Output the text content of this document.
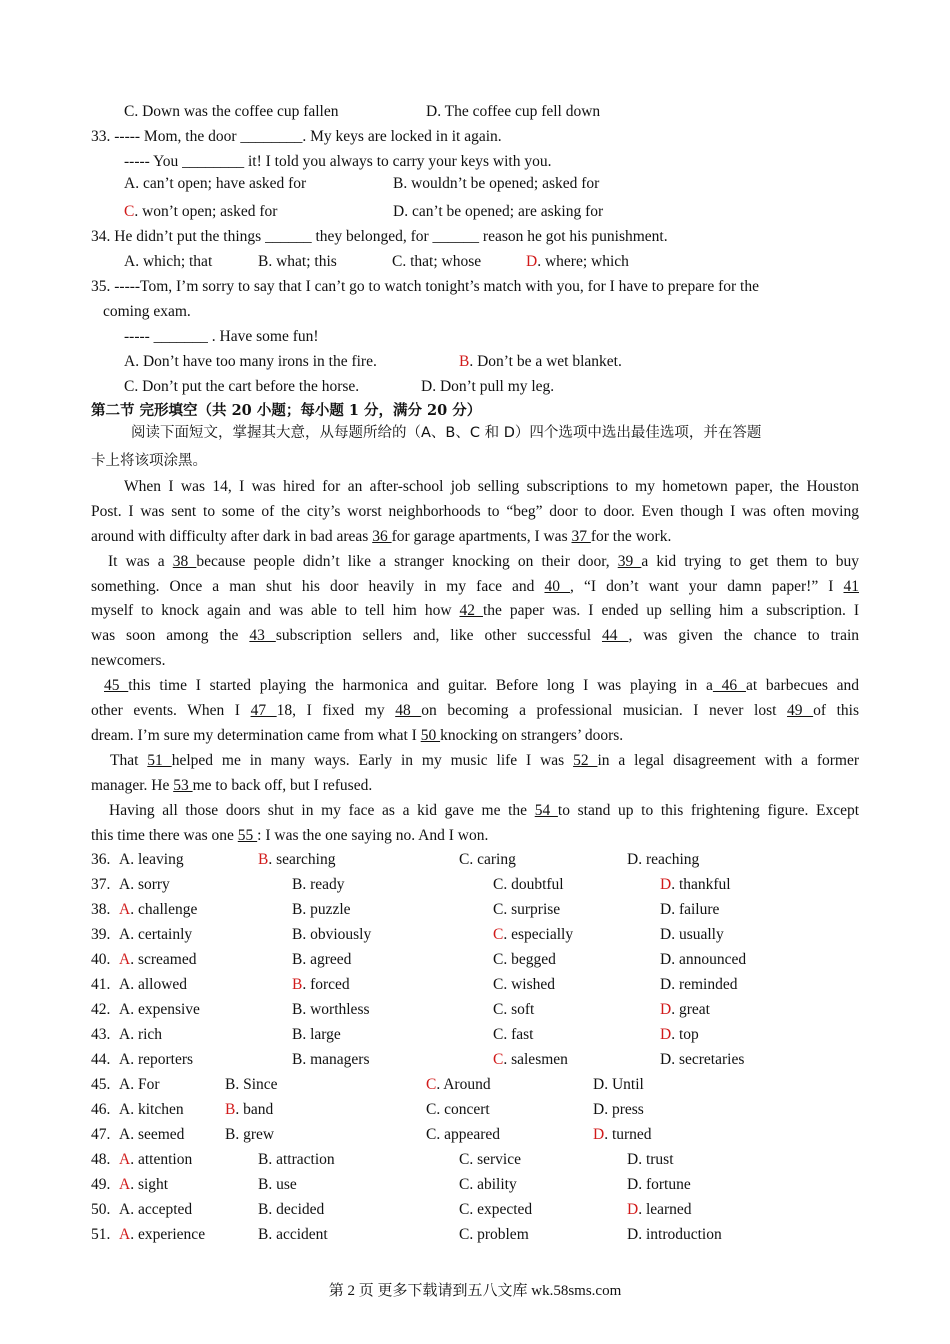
C. Down was the coffee cup fallen	D. The coffee cup fell down
33. ----- Mom, the door ________. My keys are locked in it again.
----- You ________ it! I told you always to carry your keys with you.
A. can’t open; have asked for	B. wouldn’t be opened; asked for
C. won’t open; asked for	D. can’t be opened; are asking for
34. He didn’t put the things ______ they belonged, for ______ reason he got his punishment.
A. which; that	B. what; this	C. that; whose	D. where; which
35. -----Tom, I’m sorry to say that I can’t go to watch tonight’s match with you, for I have to prepare for the
coming exam.
----- _______ . Have some fun!
A. Don’t have too many irons in the fire.	B. Don’t be a wet blanket.
C. Don’t put the cart before the horse.	D. Don’t pull my leg.
第二节 完形填空（共 20 小题；每小题 1 分，满分 20 分）
阅读下面短文，掌握其大意，从每题所给的（A、B、C 和 D）四个选项中选出最佳选项，并在答题
卡上将该项涂黑。
When I was 14, I was hired for an after-school job selling subscriptions to my hometown paper, the Houston
Post. I was sent to some of the city’s worst neighborhoods to “beg” door to door. Even though I was often moving
around with difficulty after dark in bad areas 36 for garage apartments, I was 37 for the work.
It was a 38 because people didn’t like a stranger knocking on their door, 39 a kid trying to get them to buy
something. Once a man shut his door heavily in my face and 40 , “I don’t want your damn paper!” I 41
myself to knock again and was able to tell him how 42 the paper was. I ended up selling him a subscription. I
was soon among the 43 subscription sellers and, like other successful 44 , was given the chance to train
newcomers.
45 this time I started playing the harmonica and guitar. Before long I was playing in a 46 at barbecues and
other events. When I 47 18, I fixed my 48 on becoming a professional musician. I never lost 49 of this
dream. I’m sure my determination came from what I 50 knocking on strangers’ doors.
That 51 helped me in many ways. Early in my music life I was 52 in a legal disagreement with a former
manager. He 53 me to back off, but I refused.
Having all those doors shut in my face as a kid gave me the 54 to stand up to this frightening figure. Except
this time there was one 55 : I was the one saying no. And I won.
36. A. leaving	B. searching	C. caring	D. reaching
37. A. sorry	B. ready	C. doubtful	D. thankful
38. A. challenge	B. puzzle	C. surprise	D. failure
39. A. certainly	B. obviously	C. especially	D. usually
40. A. screamed	B. agreed	C. begged	D. announced
41. A. allowed	B. forced	C. wished	D. reminded
42. A. expensive	B. worthless	C. soft	D. great
43. A. rich	B. large	C. fast	D. top
44. A. reporters	B. managers	C. salesmen	D. secretaries
45. A. For	B. Since	C. Around	D. Until
46. A. kitchen	B. band	C. concert	D. press
47. A. seemed	B. grew	C. appeared	D. turned
48. A. attention	B. attraction	C. service	D. trust
49. A. sight	B. use	C. ability	D. fortune
50. A. accepted	B. decided	C. expected	D. learned
51. A. experience	B. accident	C. problem	D. introduction
第 2 页 更多下载请到五八文库 wk.58sms.com
